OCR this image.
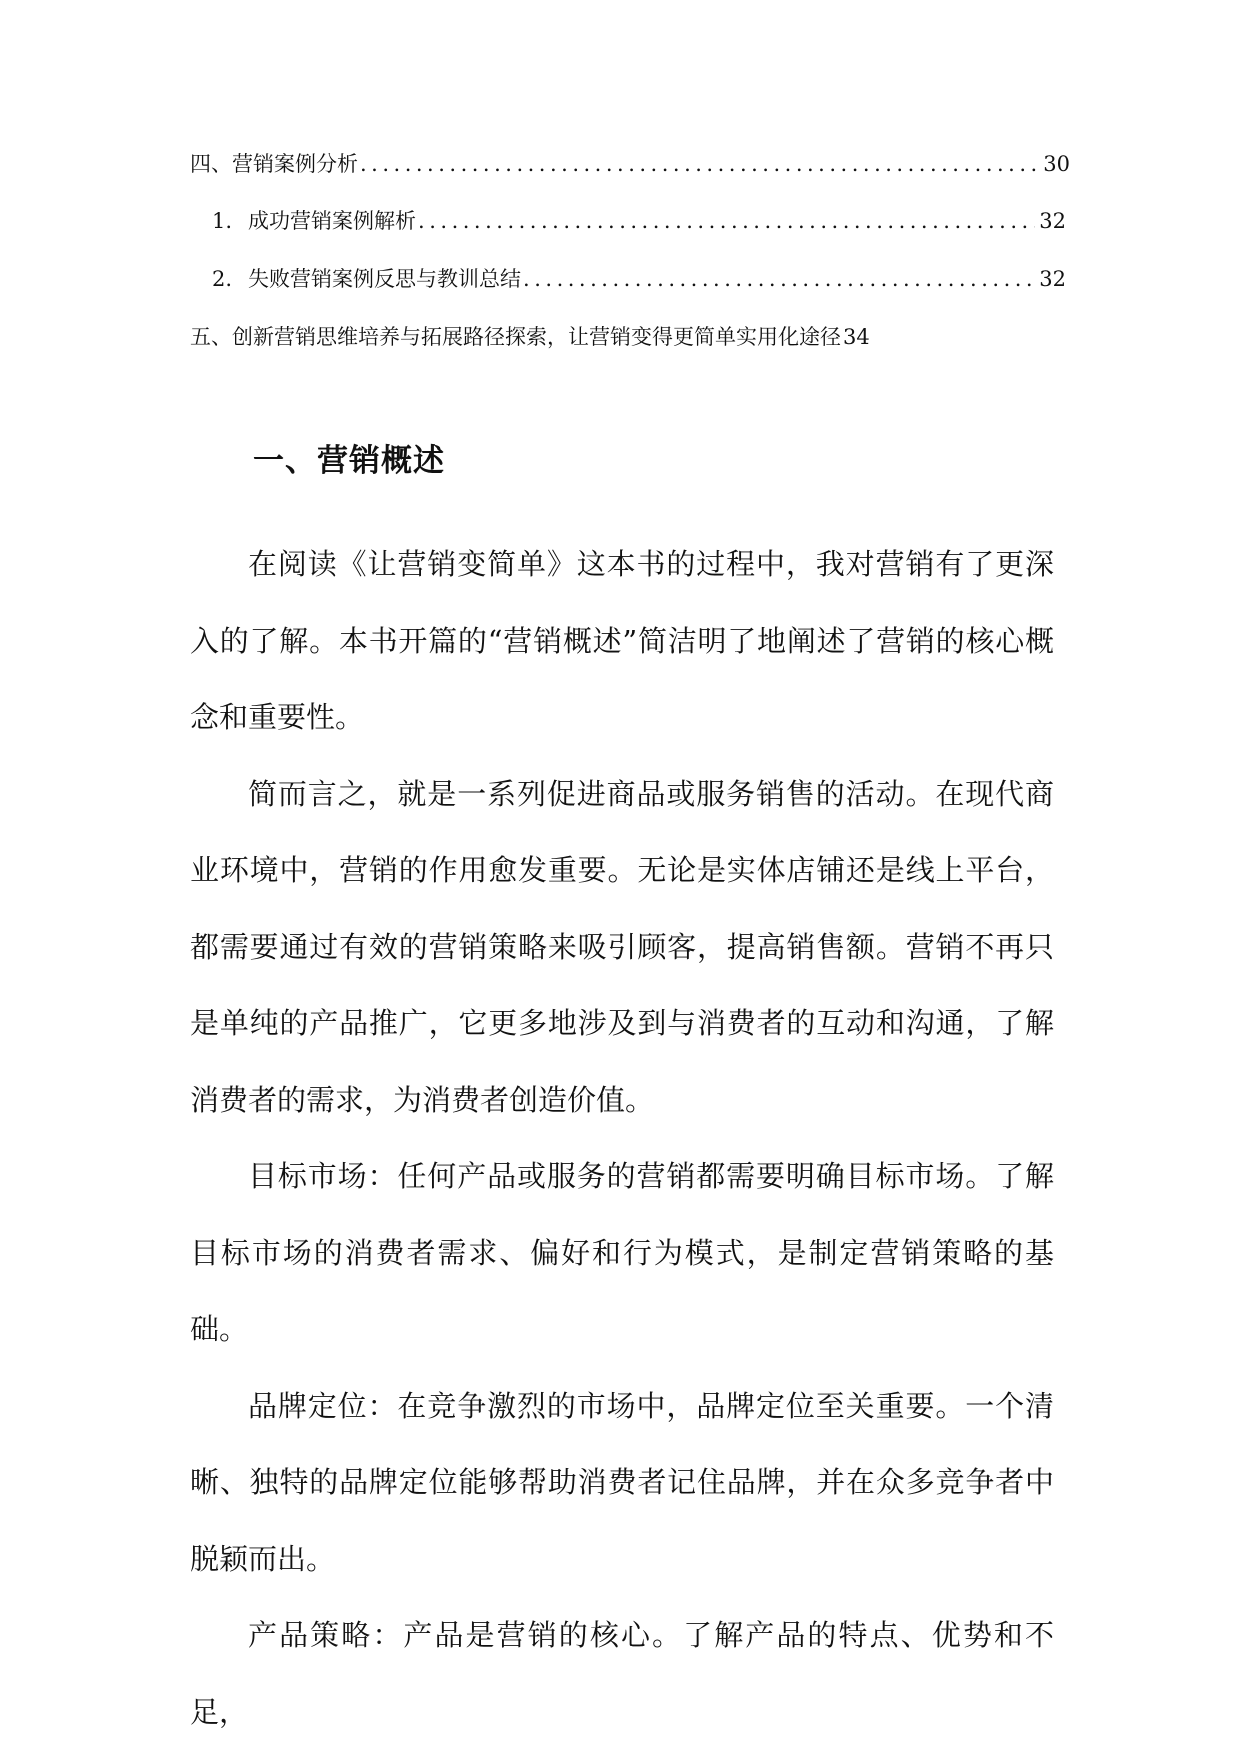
四、营销案例分析 .....	30
1. 成功营销案例解析 .....	32
2. 失败营销案例反思与教训总结 .....	32
五、创新营销思维培养与拓展路径探索，让营销变得更简单实用化途径 34
一、营销概述

在阅读《让营销变简单》这本书的过程中，我对营销有了更深入的了解。本书开篇的“营销概述”简洁明了地阐述了营销的核心概念和重要性。

简而言之，就是一系列促进商品或服务销售的活动。在现代商业环境中，营销的作用愈发重要。无论是实体店铺还是线上平台，都需要通过有效的营销策略来吸引顾客，提高销售额。营销不再只是单纯的产品推广，它更多地涉及到与消费者的互动和沟通，了解消费者的需求，为消费者创造价值。

目标市场：任何产品或服务的营销都需要明确目标市场。了解目标市场的消费者需求、偏好和行为模式，是制定营销策略的基础。

品牌定位：在竞争激烈的市场中，品牌定位至关重要。一个清晰、独特的品牌定位能够帮助消费者记住品牌，并在众多竞争者中脱颖而出。

产品策略：产品是营销的核心。了解产品的特点、优势和不足，
